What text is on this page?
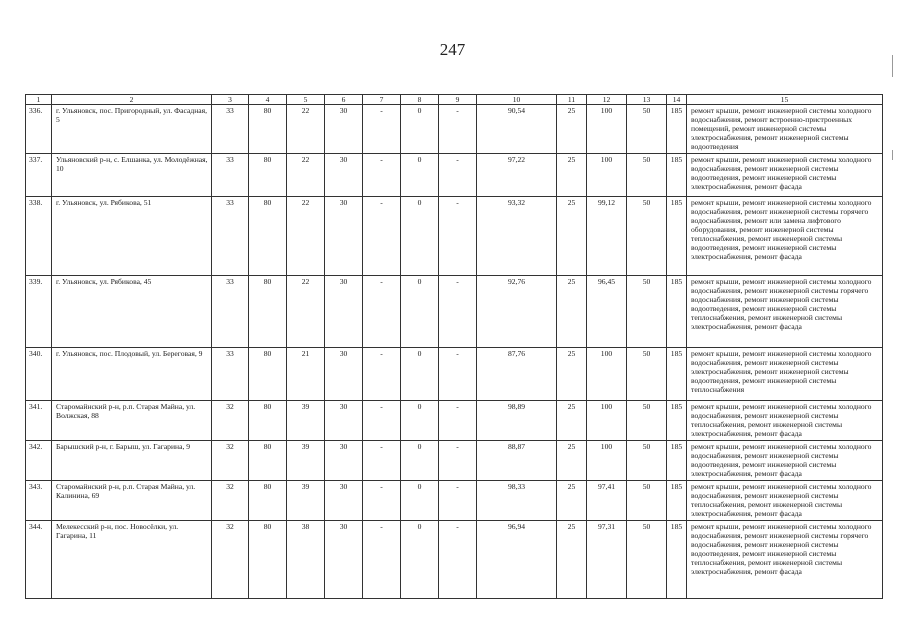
247
1	2	3	4	5	6	7	8	9	10	11	12	13	14	15
336.	г. Ульяновск, пос. Пригородный, ул. Фасадная, 5	33	80	22	30	-	0	-	90,54	25	100	50	185	ремонт крыши, ремонт инженерной системы холодного водоснабжения, ремонт встроенно-пристроенных помещений, ремонт инженерной системы электроснабжения, ремонт инженерной системы водоотведения
337.	Ульяновский р-н, с. Елшанка, ул. Молодёжная, 10	33	80	22	30	-	0	-	97,22	25	100	50	185	ремонт крыши, ремонт инженерной системы холодного водоснабжения, ремонт инженерной системы водоотведения, ремонт инженерной системы электроснабжения, ремонт фасада
338.	г. Ульяновск, ул. Рябикова, 51	33	80	22	30	-	0	-	93,32	25	99,12	50	185	ремонт крыши, ремонт инженерной системы холодного водоснабжения, ремонт инженерной системы горячего водоснабжения, ремонт или замена лифтового оборудования, ремонт инженерной системы теплоснабжения, ремонт инженерной системы водоотведения, ремонт инженерной системы электроснабжения, ремонт фасада
339.	г. Ульяновск, ул. Рябикова, 45	33	80	22	30	-	0	-	92,76	25	96,45	50	185	ремонт крыши, ремонт инженерной системы холодного водоснабжения, ремонт инженерной системы горячего водоснабжения, ремонт инженерной системы водоотведения, ремонт инженерной системы теплоснабжения, ремонт инженерной системы электроснабжения, ремонт фасада
340.	г. Ульяновск, пос. Плодовый, ул. Береговая, 9	33	80	21	30	-	0	-	87,76	25	100	50	185	ремонт крыши, ремонт инженерной системы холодного водоснабжения, ремонт инженерной системы электроснабжения, ремонт инженерной системы водоотведения, ремонт инженерной системы теплоснабжения
341.	Старомайнский р-н, р.п. Старая Майна, ул. Волжская, 88	32	80	39	30	-	0	-	98,89	25	100	50	185	ремонт крыши, ремонт инженерной системы холодного водоснабжения, ремонт инженерной системы теплоснабжения, ремонт инженерной системы электроснабжения, ремонт фасада
342.	Барышский р-н, г. Барыш, ул. Гагарина, 9	32	80	39	30	-	0	-	88,87	25	100	50	185	ремонт крыши, ремонт инженерной системы холодного водоснабжения, ремонт инженерной системы водоотведения, ремонт инженерной системы электроснабжения, ремонт фасада
343.	Старомайнский р-н, р.п. Старая Майна, ул. Калинина, 69	32	80	39	30	-	0	-	98,33	25	97,41	50	185	ремонт крыши, ремонт инженерной системы холодного водоснабжения, ремонт инженерной системы теплоснабжения, ремонт инженерной системы электроснабжения, ремонт фасада
344.	Мелекесский р-н, пос. Новосёлки, ул. Гагарина, 11	32	80	38	30	-	0	-	96,94	25	97,31	50	185	ремонт крыши, ремонт инженерной системы холодного водоснабжения, ремонт инженерной системы горячего водоснабжения, ремонт инженерной системы водоотведения, ремонт инженерной системы теплоснабжения, ремонт инженерной системы электроснабжения, ремонт фасада
